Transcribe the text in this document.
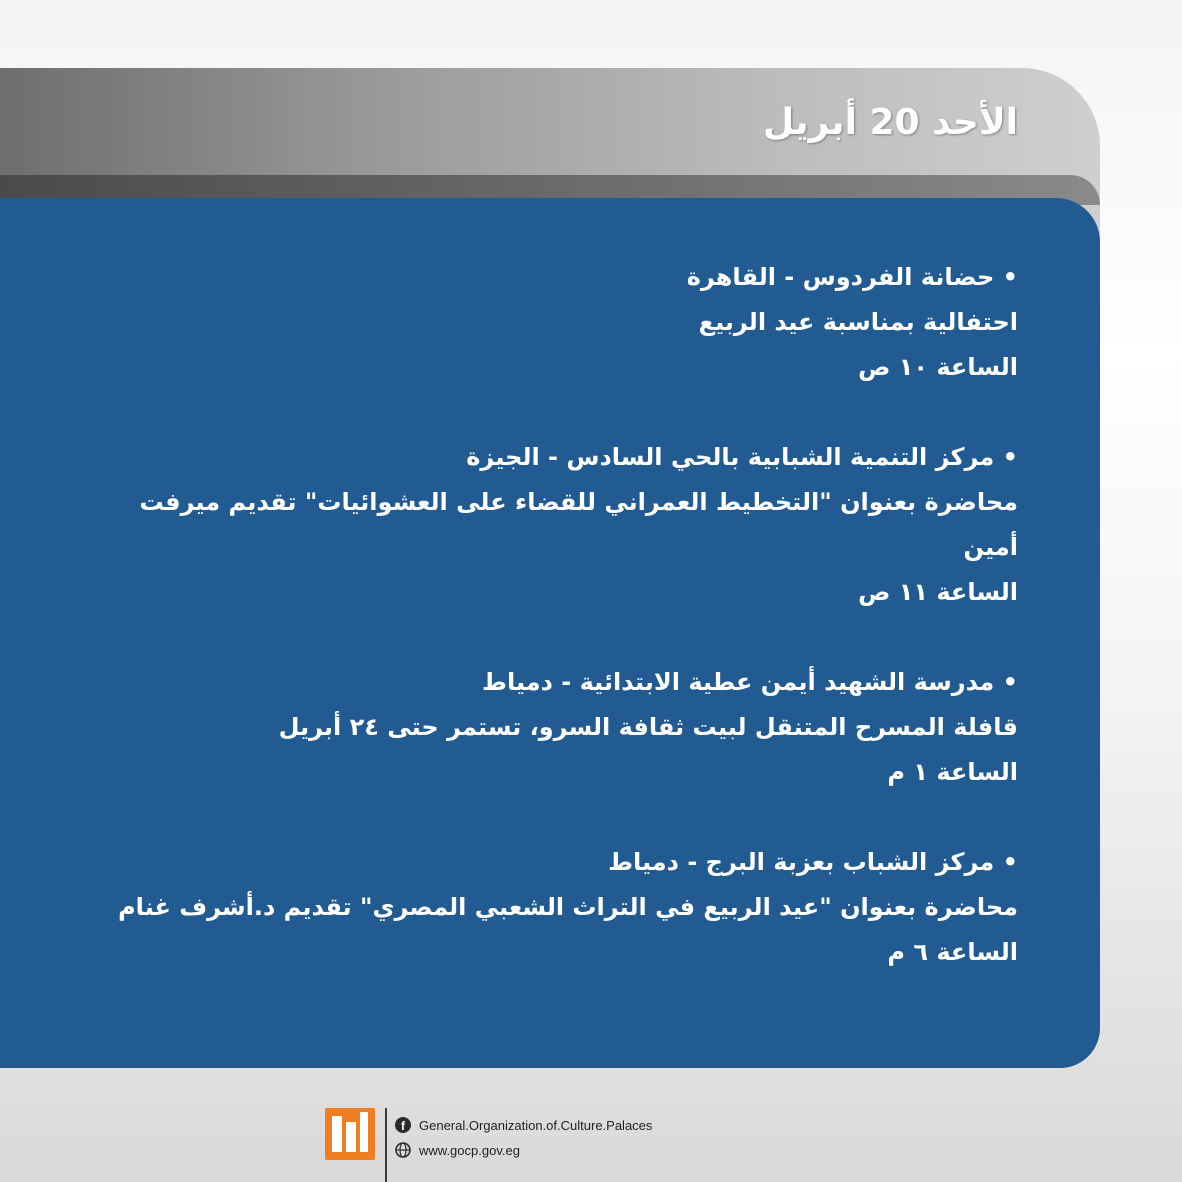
الأحد 20 أبريل
• حضانة الفردوس - القاهرة
احتفالية بمناسبة عيد الربيع
الساعة ١٠ ص
• مركز التنمية الشبابية بالحي السادس - الجيزة
محاضرة بعنوان "التخطيط العمراني للقضاء على العشوائيات" تقديم ميرفت أمين
الساعة ١١ ص
• مدرسة الشهيد أيمن عطية الابتدائية - دمياط
قافلة المسرح المتنقل لبيت ثقافة السرو، تستمر حتى ٢٤ أبريل
الساعة ١ م
• مركز الشباب بعزبة البرج - دمياط
محاضرة بعنوان "عيد الربيع في التراث الشعبي المصري" تقديم د.أشرف غنام
الساعة ٦ م
f	General.Organization.of.Culture.Palaces
www.gocp.gov.eg
